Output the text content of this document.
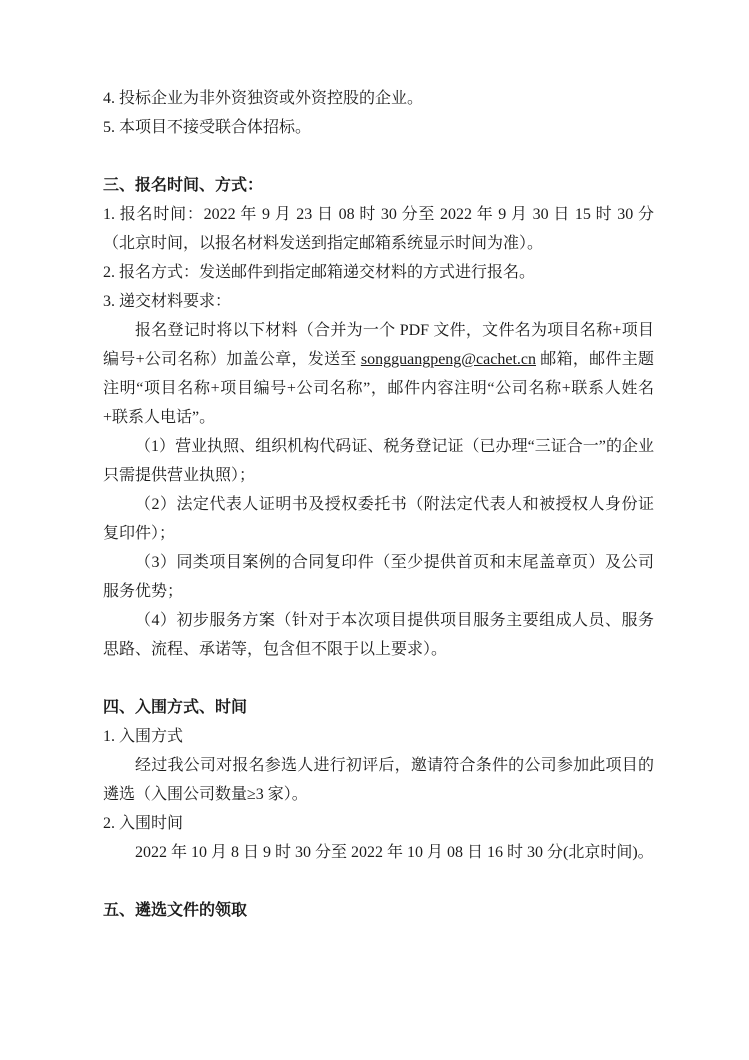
4. 投标企业为非外资独资或外资控股的企业。

5. 本项目不接受联合体招标。

三、报名时间、方式：

1. 报名时间：2022 年 9 月 23 日 08 时 30 分至 2022 年 9 月 30 日 15 时 30 分（北京时间，以报名材料发送到指定邮箱系统显示时间为准）。

2. 报名方式：发送邮件到指定邮箱递交材料的方式进行报名。

3. 递交材料要求：

报名登记时将以下材料（合并为一个 PDF 文件，文件名为项目名称+项目编号+公司名称）加盖公章，发送至 songguangpeng@cachet.cn 邮箱，邮件主题注明“项目名称+项目编号+公司名称”，邮件内容注明“公司名称+联系人姓名+联系人电话”。

（1）营业执照、组织机构代码证、税务登记证（已办理“三证合一”的企业只需提供营业执照）；

（2）法定代表人证明书及授权委托书（附法定代表人和被授权人身份证复印件）；

（3）同类项目案例的合同复印件（至少提供首页和末尾盖章页）及公司服务优势；

（4）初步服务方案（针对于本次项目提供项目服务主要组成人员、服务思路、流程、承诺等，包含但不限于以上要求）。

四、入围方式、时间

1. 入围方式

经过我公司对报名参选人进行初评后，邀请符合条件的公司参加此项目的遴选（入围公司数量≥3 家）。

2. 入围时间

2022 年 10 月 8 日 9 时 30 分至 2022 年 10 月 08 日 16 时 30 分(北京时间)。

五、遴选文件的领取
